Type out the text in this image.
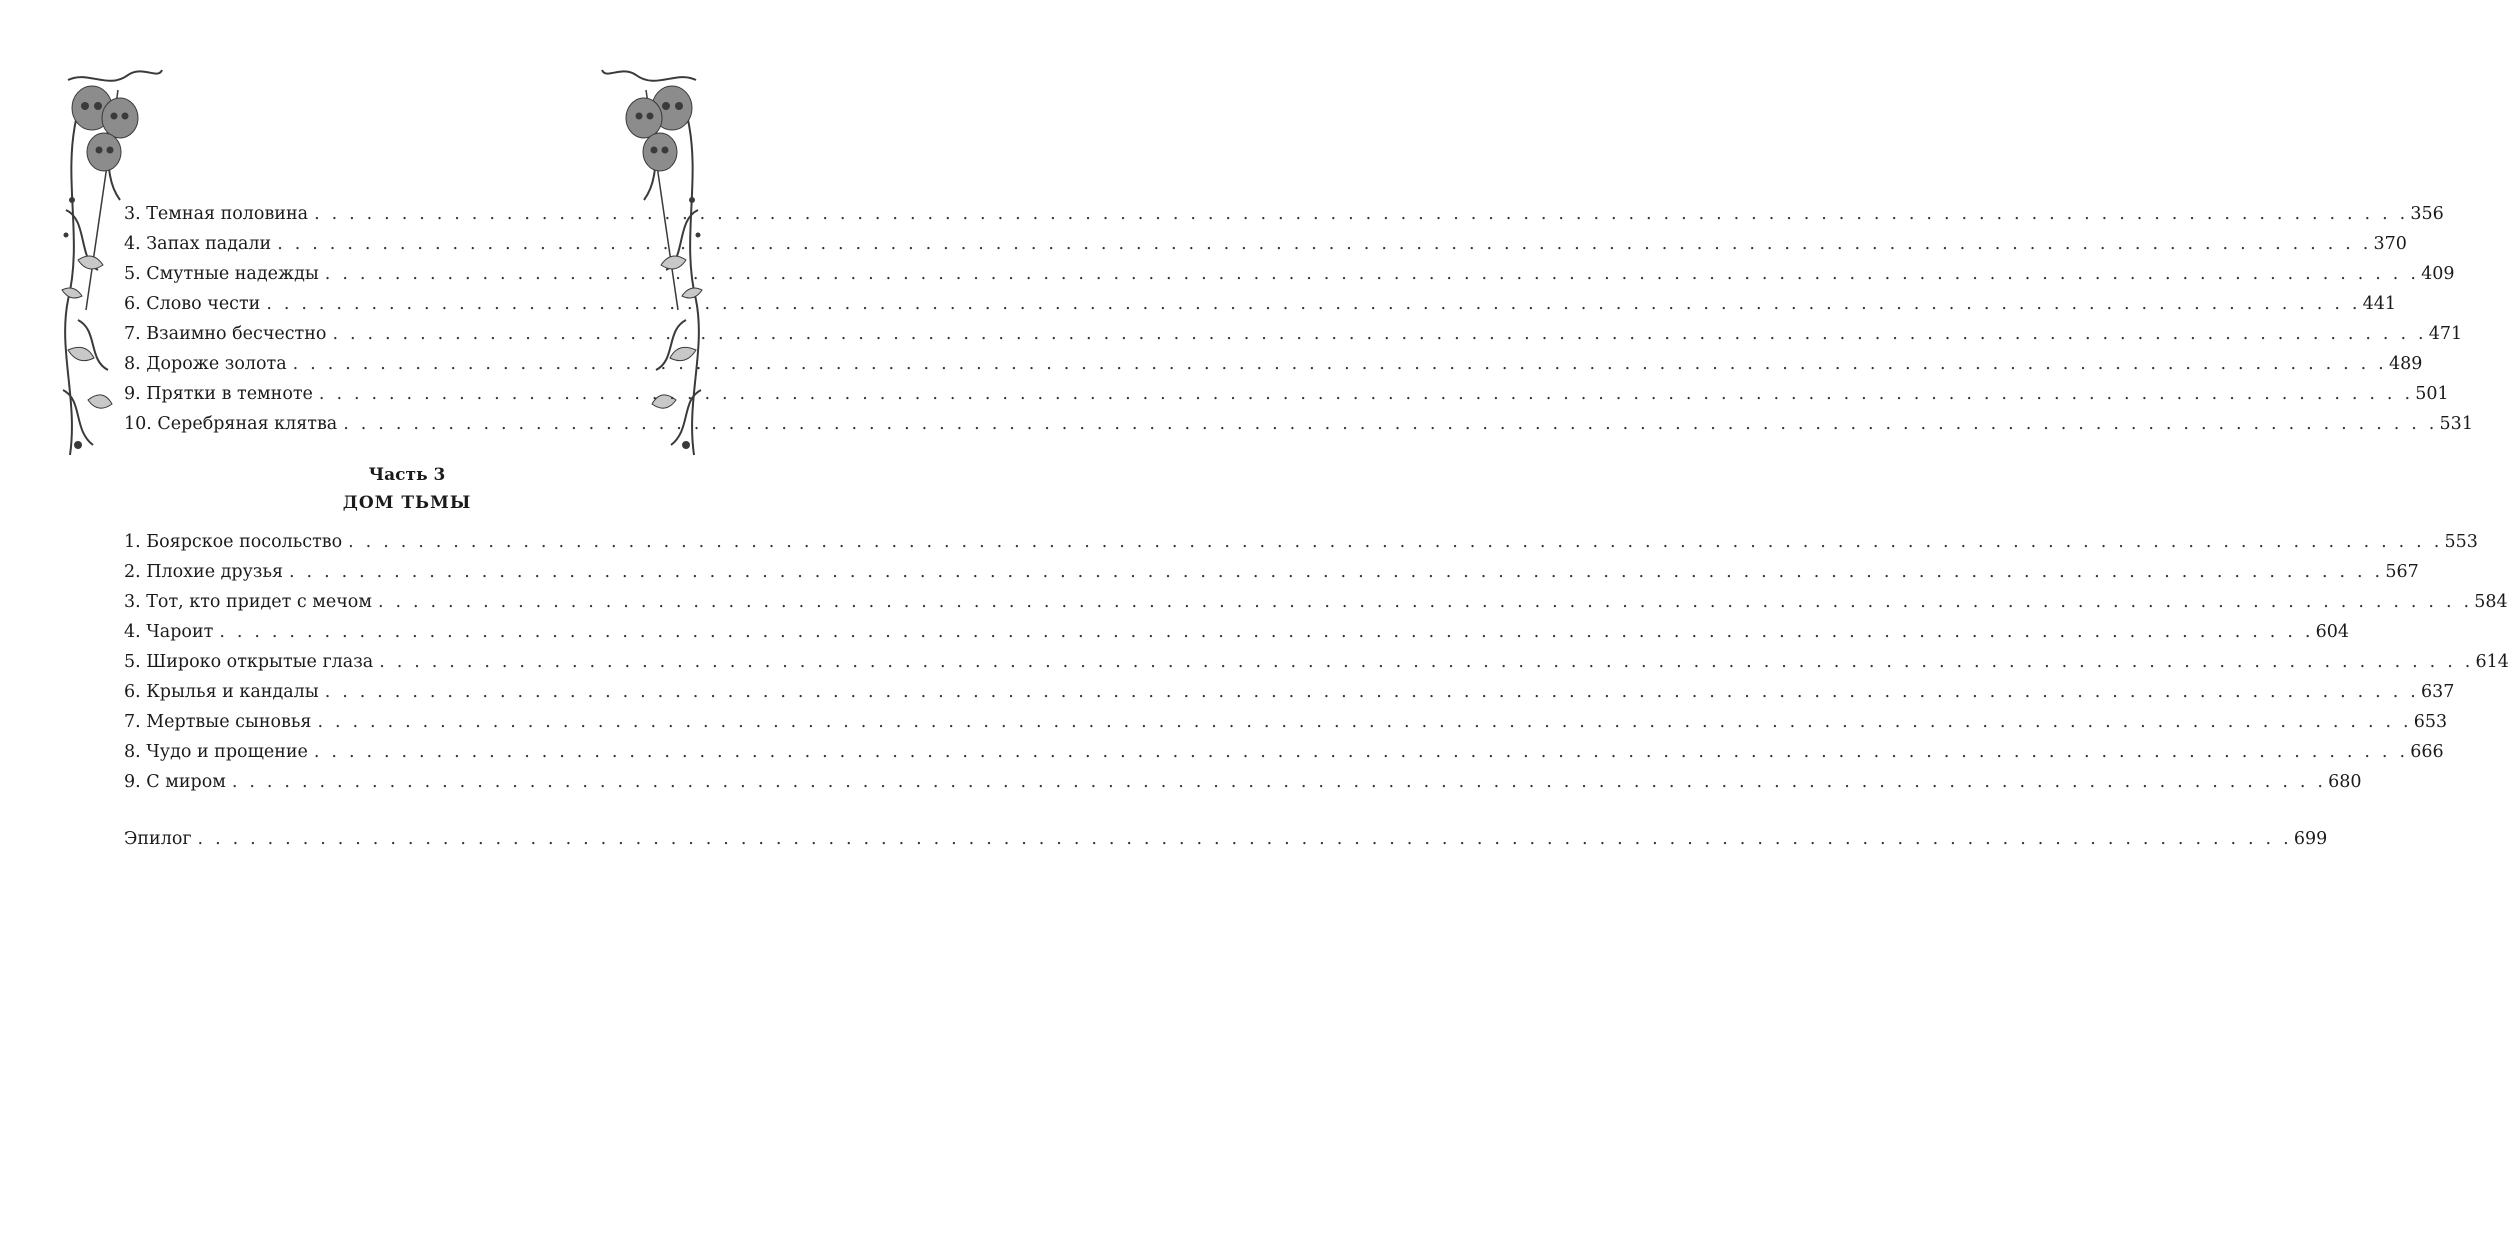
3. Темная половина . . . . . . . . . . . . . . . . . . . . . . . . . . . . . . . . . . . . . . . . . . . . . . . . . . . . . . . . . . . . . . . . . . . . . . . . . . . . . . . . . . . . . . . . . . . . . . . . . . . . . . . . . . . . . . . . . . . . . . . . 356
4. Запах падали . . . . . . . . . . . . . . . . . . . . . . . . . . . . . . . . . . . . . . . . . . . . . . . . . . . . . . . . . . . . . . . . . . . . . . . . . . . . . . . . . . . . . . . . . . . . . . . . . . . . . . . . . . . . . . . . . . . . . . . . 370
5. Смутные надежды . . . . . . . . . . . . . . . . . . . . . . . . . . . . . . . . . . . . . . . . . . . . . . . . . . . . . . . . . . . . . . . . . . . . . . . . . . . . . . . . . . . . . . . . . . . . . . . . . . . . . . . . . . . . . . . . . . . . . . . . 409
6. Слово чести . . . . . . . . . . . . . . . . . . . . . . . . . . . . . . . . . . . . . . . . . . . . . . . . . . . . . . . . . . . . . . . . . . . . . . . . . . . . . . . . . . . . . . . . . . . . . . . . . . . . . . . . . . . . . . . . . . . . . . . . 441
7. Взаимно бесчестно . . . . . . . . . . . . . . . . . . . . . . . . . . . . . . . . . . . . . . . . . . . . . . . . . . . . . . . . . . . . . . . . . . . . . . . . . . . . . . . . . . . . . . . . . . . . . . . . . . . . . . . . . . . . . . . . . . . . . . . . 471
8. Дороже золота . . . . . . . . . . . . . . . . . . . . . . . . . . . . . . . . . . . . . . . . . . . . . . . . . . . . . . . . . . . . . . . . . . . . . . . . . . . . . . . . . . . . . . . . . . . . . . . . . . . . . . . . . . . . . . . . . . . . . . . . 489
9. Прятки в темноте . . . . . . . . . . . . . . . . . . . . . . . . . . . . . . . . . . . . . . . . . . . . . . . . . . . . . . . . . . . . . . . . . . . . . . . . . . . . . . . . . . . . . . . . . . . . . . . . . . . . . . . . . . . . . . . . . . . . . . . . 501
10. Серебряная клятва . . . . . . . . . . . . . . . . . . . . . . . . . . . . . . . . . . . . . . . . . . . . . . . . . . . . . . . . . . . . . . . . . . . . . . . . . . . . . . . . . . . . . . . . . . . . . . . . . . . . . . . . . . . . . . . . . . . . . . . . 531
Часть 3
ДОМ ТЬМЫ
1. Боярское посольство . . . . . . . . . . . . . . . . . . . . . . . . . . . . . . . . . . . . . . . . . . . . . . . . . . . . . . . . . . . . . . . . . . . . . . . . . . . . . . . . . . . . . . . . . . . . . . . . . . . . . . . . . . . . . . . . . . . . . . . . 553
2. Плохие друзья . . . . . . . . . . . . . . . . . . . . . . . . . . . . . . . . . . . . . . . . . . . . . . . . . . . . . . . . . . . . . . . . . . . . . . . . . . . . . . . . . . . . . . . . . . . . . . . . . . . . . . . . . . . . . . . . . . . . . . . . 567
3. Тот, кто придет с мечом . . . . . . . . . . . . . . . . . . . . . . . . . . . . . . . . . . . . . . . . . . . . . . . . . . . . . . . . . . . . . . . . . . . . . . . . . . . . . . . . . . . . . . . . . . . . . . . . . . . . . . . . . . . . . . . . . . . . . . . . 584
4. Чароит . . . . . . . . . . . . . . . . . . . . . . . . . . . . . . . . . . . . . . . . . . . . . . . . . . . . . . . . . . . . . . . . . . . . . . . . . . . . . . . . . . . . . . . . . . . . . . . . . . . . . . . . . . . . . . . . . . . . . . . . 604
5. Широко открытые глаза . . . . . . . . . . . . . . . . . . . . . . . . . . . . . . . . . . . . . . . . . . . . . . . . . . . . . . . . . . . . . . . . . . . . . . . . . . . . . . . . . . . . . . . . . . . . . . . . . . . . . . . . . . . . . . . . . . . . . . . . 614
6. Крылья и кандалы . . . . . . . . . . . . . . . . . . . . . . . . . . . . . . . . . . . . . . . . . . . . . . . . . . . . . . . . . . . . . . . . . . . . . . . . . . . . . . . . . . . . . . . . . . . . . . . . . . . . . . . . . . . . . . . . . . . . . . . . 637
7. Мертвые сыновья . . . . . . . . . . . . . . . . . . . . . . . . . . . . . . . . . . . . . . . . . . . . . . . . . . . . . . . . . . . . . . . . . . . . . . . . . . . . . . . . . . . . . . . . . . . . . . . . . . . . . . . . . . . . . . . . . . . . . . . . 653
8. Чудо и прощение . . . . . . . . . . . . . . . . . . . . . . . . . . . . . . . . . . . . . . . . . . . . . . . . . . . . . . . . . . . . . . . . . . . . . . . . . . . . . . . . . . . . . . . . . . . . . . . . . . . . . . . . . . . . . . . . . . . . . . . . 666
9. С миром . . . . . . . . . . . . . . . . . . . . . . . . . . . . . . . . . . . . . . . . . . . . . . . . . . . . . . . . . . . . . . . . . . . . . . . . . . . . . . . . . . . . . . . . . . . . . . . . . . . . . . . . . . . . . . . . . . . . . . . . 680
Эпилог . . . . . . . . . . . . . . . . . . . . . . . . . . . . . . . . . . . . . . . . . . . . . . . . . . . . . . . . . . . . . . . . . . . . . . . . . . . . . . . . . . . . . . . . . . . . . . . . . . . . . . . . . . . . . . . . . . . . . . . . 699
